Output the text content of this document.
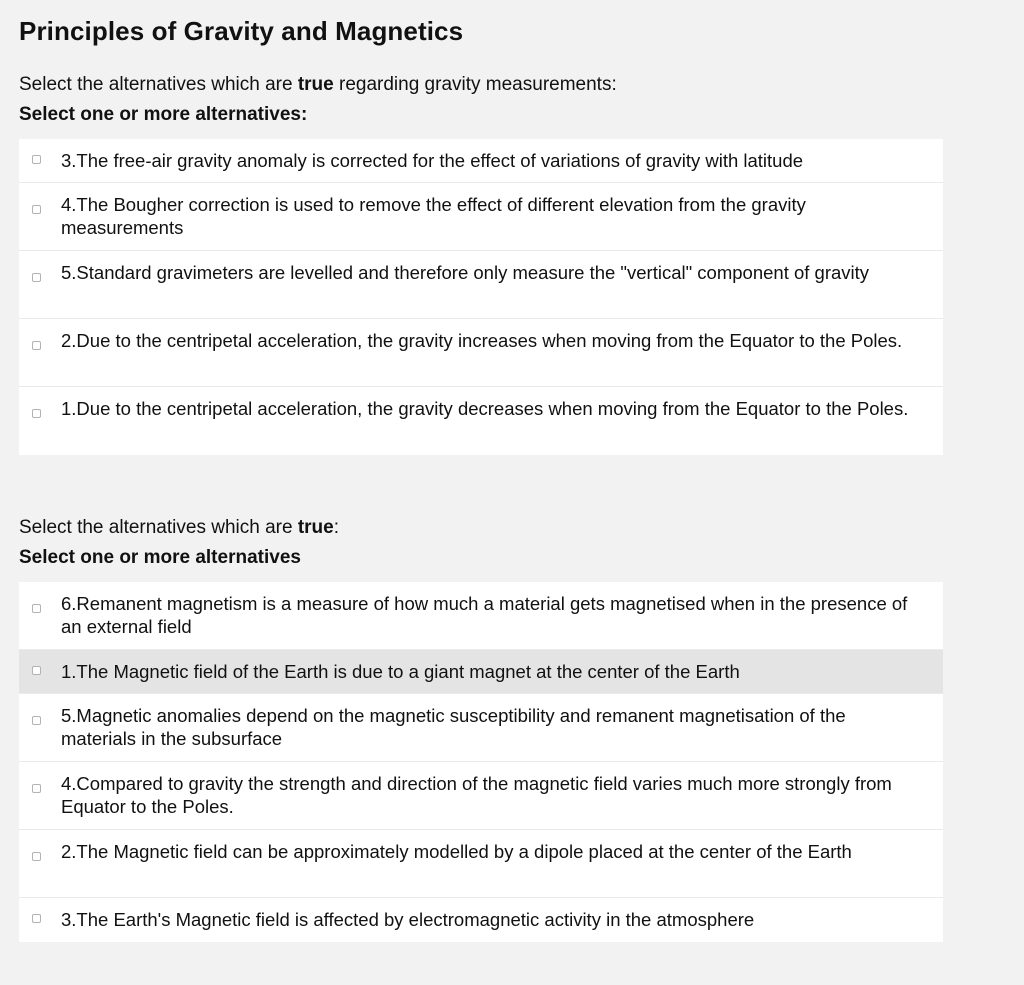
Principles of Gravity and Magnetics
Select the alternatives which are true regarding gravity measurements:
Select one or more alternatives:
3.The free-air gravity anomaly is corrected for the effect of variations of gravity with latitude
4.The Bougher correction is used to remove the effect of different elevation from the gravity measurements
5.Standard gravimeters are levelled and therefore only measure the "vertical" component of gravity
2.Due to the centripetal acceleration, the gravity increases when moving from the Equator to the Poles.
1.Due to the centripetal acceleration, the gravity decreases when moving from the Equator to the Poles.
Select the alternatives which are true:
Select one or more alternatives
6.Remanent magnetism is a measure of how much a material gets magnetised when in the presence of an external field
1.The Magnetic field of the Earth is due to a giant magnet at the center of the Earth
5.Magnetic anomalies depend on the magnetic susceptibility and remanent magnetisation of the materials in the subsurface
4.Compared to gravity the strength and direction of the magnetic field varies much more strongly from Equator to the Poles.
2.The Magnetic field can be approximately modelled by a dipole placed at the center of the Earth
3.The Earth's Magnetic field is affected by electromagnetic activity in the atmosphere
